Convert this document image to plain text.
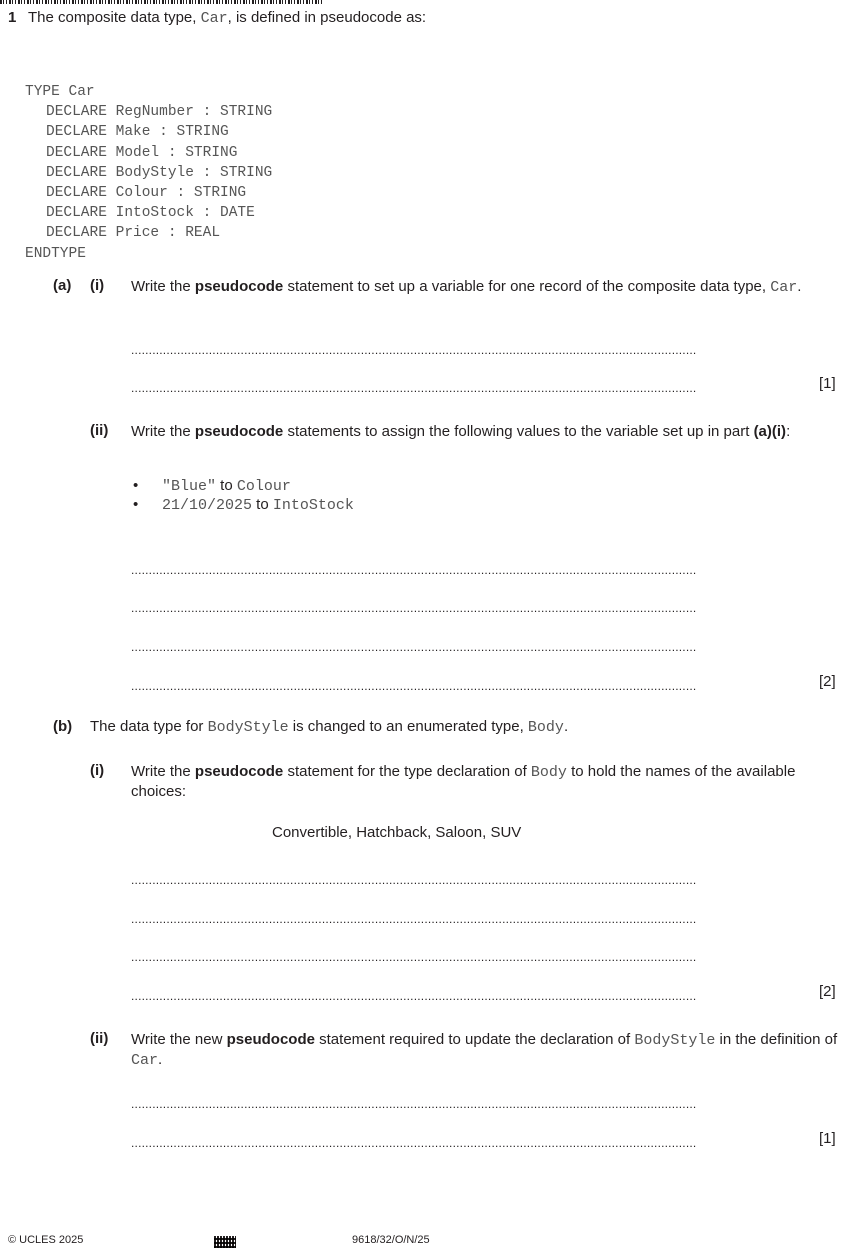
1 The composite data type, Car, is defined in pseudocode as:
TYPE Car
DECLARE RegNumber : STRING
DECLARE Make : STRING
DECLARE Model : STRING
DECLARE BodyStyle : STRING
DECLARE Colour : STRING
DECLARE IntoStock : DATE
DECLARE Price : REAL
ENDTYPE
(a) (i) Write the pseudocode statement to set up a variable for one record of the composite data type, Car.
................................................................................................................................................................
................................................................................................................................................................	[1]
(ii) Write the pseudocode statements to assign the following values to the variable set up in part (a)(i):
• "Blue" to Colour
• 21/10/2025 to IntoStock
................................................................................................................................................................
................................................................................................................................................................
................................................................................................................................................................
................................................................................................................................................................	[2]
(b) The data type for BodyStyle is changed to an enumerated type, Body.
(i) Write the pseudocode statement for the type declaration of Body to hold the names of the available choices:
Convertible, Hatchback, Saloon, SUV
................................................................................................................................................................
................................................................................................................................................................
................................................................................................................................................................
................................................................................................................................................................	[2]
(ii) Write the new pseudocode statement required to update the declaration of BodyStyle in the definition of Car.
................................................................................................................................................................
................................................................................................................................................................	[1]
© UCLES 2025	9618/32/O/N/25
